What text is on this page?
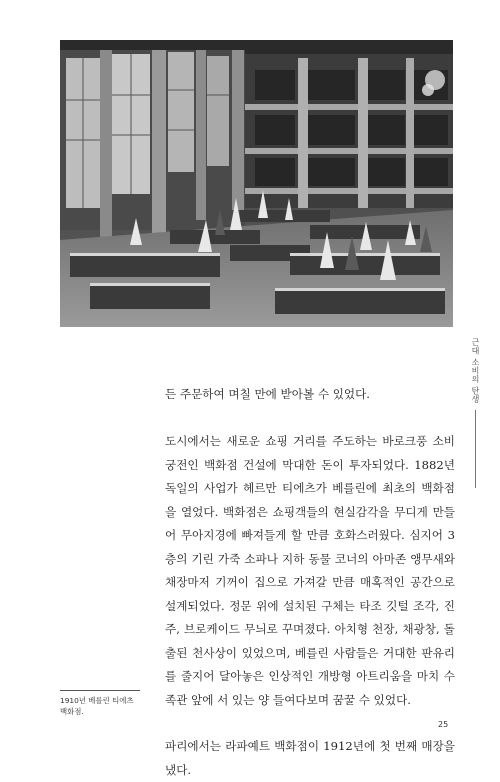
근대 소비의 탄생

든 주문하여 며칠 만에 받아볼 수 있었다.

도시에서는 새로운 쇼핑 거리를 주도하는 바로크풍 소비 궁전인 백화점 건설에 막대한 돈이 투자되었다. 1882년 독일의 사업가 헤르만 티에츠가 베를린에 최초의 백화점을 열었다. 백화점은 쇼핑객들의 현실감각을 무디게 만들어 무아지경에 빠져들게 할 만큼 호화스러웠다. 심지어 3층의 기린 가죽 소파나 지하 동물 코너의 아마존 앵무새와 채장마저 기꺼이 집으로 가져갈 만큼 매혹적인 공간으로 설계되었다. 정문 위에 설치된 구체는 타조 깃털 조각, 진주, 브로케이드 무늬로 꾸며졌다. 아치형 천장, 채광창, 돌출된 천사상이 있었으며, 베를린 사람들은 거대한 판유리를 줄지어 달아놓은 인상적인 개방형 아트리움을 마치 수족관 앞에 서 있는 양 들여다보며 꿈꿀 수 있었다.

파리에서는 라파예트 백화점이 1912년에 첫 번째 매장을 냈다.

1910년 베를린 티에츠
백화점.
25
